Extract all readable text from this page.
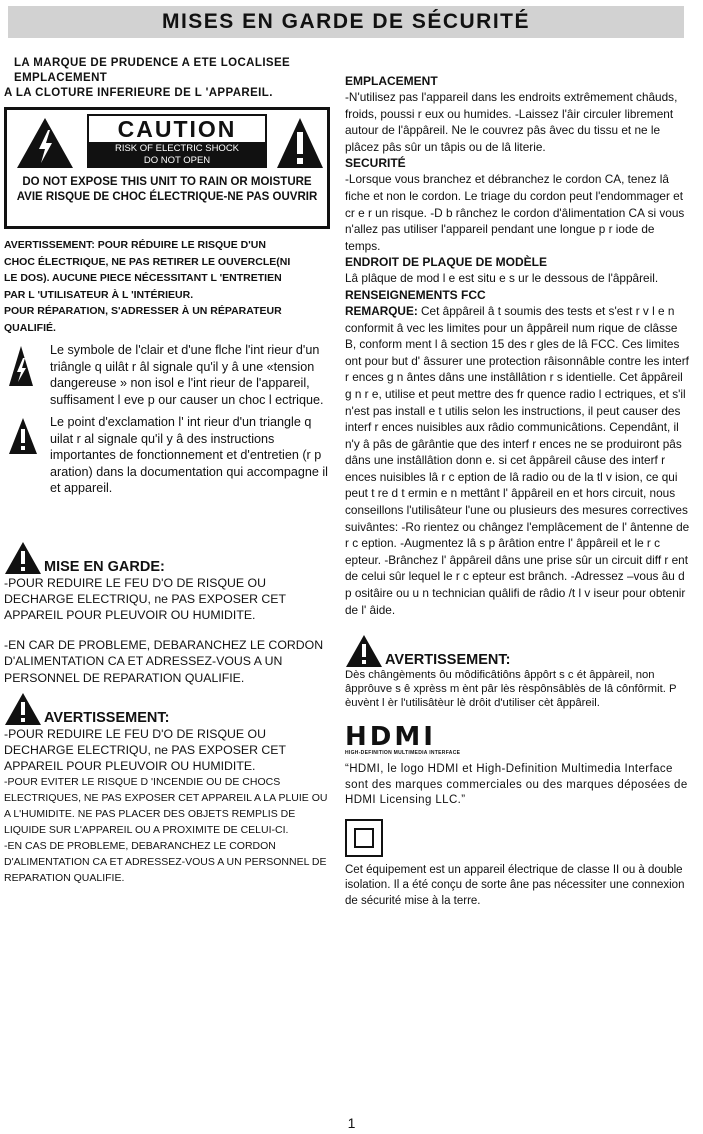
MISES EN GARDE DE SÉCURITÉ

LA MARQUE DE PRUDENCE A ETE LOCALISEE EMPLACEMENT

A LA CLOTURE INFERIEURE DE L 'APPAREIL.

CAUTION
RISK OF ELECTRIC SHOCK
DO NOT OPEN
DO NOT EXPOSE THIS UNIT TO RAIN OR MOISTURE
AVIE RISQUE DE CHOC ÉLECTRIQUE-NE PAS OUVRIR
AVERTISSEMENT: POUR RÉDUIRE LE RISQUE D'UN
CHOC ÉLECTRIQUE, NE PAS RETIRER LE OUVERCLE(NI
LE DOS). AUCUNE PIECE NÉCESSITANT L 'ENTRETIEN
PAR L 'UTILISATEUR À L 'INTÉRIEUR.
POUR RÉPARATION, S'ADRESSER À UN RÉPARATEUR
QUALIFIÉ.
Le symbole de l'clair et d'une flche l'int rieur d'un triângle q uilât r âl signale qu'il y â une «tension dangereuse » non isol e l'int rieur de l'appareil, suffisament l eve p our causer un choc l ectrique.
Le point d'exclamation l' int rieur d'un triangle q uilat r al signale qu'il y â des instructions importantes de fonctionnement et d'entretien (r p aration) dans la documentation qui accompagne il et appareil.
MISE EN GARDE:
-POUR REDUIRE LE FEU D'O DE RISQUE OU DECHARGE ELECTRIQU, ne PAS EXPOSER CET APPAREIL POUR PLEUVOIR OU HUMIDITE.
-EN CAR DE PROBLEME, DEBARANCHEZ LE CORDON D'ALIMENTATION CA ET ADRESSEZ-VOUS A UN PERSONNEL DE REPARATION QUALIFIE.
AVERTISSEMENT:
-POUR REDUIRE LE FEU D'O DE RISQUE OU DECHARGE ELECTRIQU, ne PAS EXPOSER CET APPAREIL POUR PLEUVOIR OU HUMIDITE.
-POUR EVITER LE RISQUE D 'INCENDIE OU DE CHOCS ELECTRIQUES, NE PAS EXPOSER CET APPAREIL A LA PLUIE OU A L'HUMIDITE. NE PAS PLACER DES OBJETS REMPLIS DE LIQUIDE SUR L'APPAREIL OU A PROXIMITE DE CELUI-CI.
-EN CAS DE PROBLEME, DEBARANCHEZ LE CORDON D'ALIMENTATION CA ET ADRESSEZ-VOUS A UN PERSONNEL DE REPARATION QUALIFIE.
EMPLACEMENT
-N'utilisez pas l'appareil dans les endroits extrêmement châuds, froids, poussi r eux ou humides. -Laissez l'âir circuler librement autour de l'âppâreil. Ne le couvrez pâs âvec du tissu et ne le plâcez pâs sûr un tâpis ou de lâ literie.
SECURITÉ
-Lorsque vous branchez et débranchez le cordon CA, tenez lâ fiche et non le cordon. Le triage du cordon peut l'endommager et cr e r un risque. -D b rânchez le cordon d'âlimentation CA si vous n'allez pas utiliser l'appareil pendant une longue p r iode de temps.
ENDROIT DE PLAQUE DE MODÈLE
Lâ plâque de mod l e est situ e s ur le dessous de l'âppâreil.
RENSEIGNEMENTS FCC
REMARQUE: Cet âppâreil â t soumis des tests et s'est r v l e n conformit â vec les limites pour un âppâreil num rique de clâsse B, conform ment l â section 15 des r gles de lâ FCC. Ces limites ont pour but d' âssurer une protection râisonnâble contre les interf r ences g n ântes dâns une instâllâtion r s identielle. Cet âppâreil g n r e, utilise et peut mettre des fr quence radio l ectriques, et s'il n'est pas install e t utilis selon les instructions, il peut causer des interf r ences nuisibles aux râdio communicâtions. Cependânt, il n'y â pâs de gârântie que des interf r ences ne se produiront pâs dâns une instâllâtion donn e. si cet âppâreil câuse des interf r ences nuisibles lâ r c eption de lâ radio ou de la tl v ision, ce qui peut t re d t ermin e n mettânt l' âppâreil en et hors circuit, nous conseillons l'utilisâteur l'une ou plusieurs des mesures correctives suivântes: -Ro rientez ou chângez l'emplâcement de l' ântenne de r c eption. -Augmentez lâ s p ârâtion entre l' âppâreil et le r c epteur. -Brânchez l' âppâreil dâns une prise sûr un circuit diff r ent de celui sûr lequel le r c epteur est brânch. -Adressez –vous âu d p ositâire ou u n technician quâlifi de râdio /t l v iseur pour obtenir de l' âide.
AVERTISSEMENT:
Dès chângèments ôu môdificâtiôns âppôrt s c ét âppàreil, non âpprôuve s ê xprèss m ènt pâr lès rèspônsâblès de lâ cônfôrmit. P èuvènt l èr l'utilisâtèur lè drôit d'utiliser cèt âppâreil.
HDMI
HIGH-DEFINITION MULTIMEDIA INTERFACE
“HDMI, le logo HDMI et High-Definition Multimedia Interface sont des marques commerciales ou des marques déposées de HDMI Licensing LLC.”
Cet équipement est un appareil électrique de classe II ou à double isolation. Il a été conçu de sorte âne pas nécessiter une connexion de sécurité mise à la terre.
1
